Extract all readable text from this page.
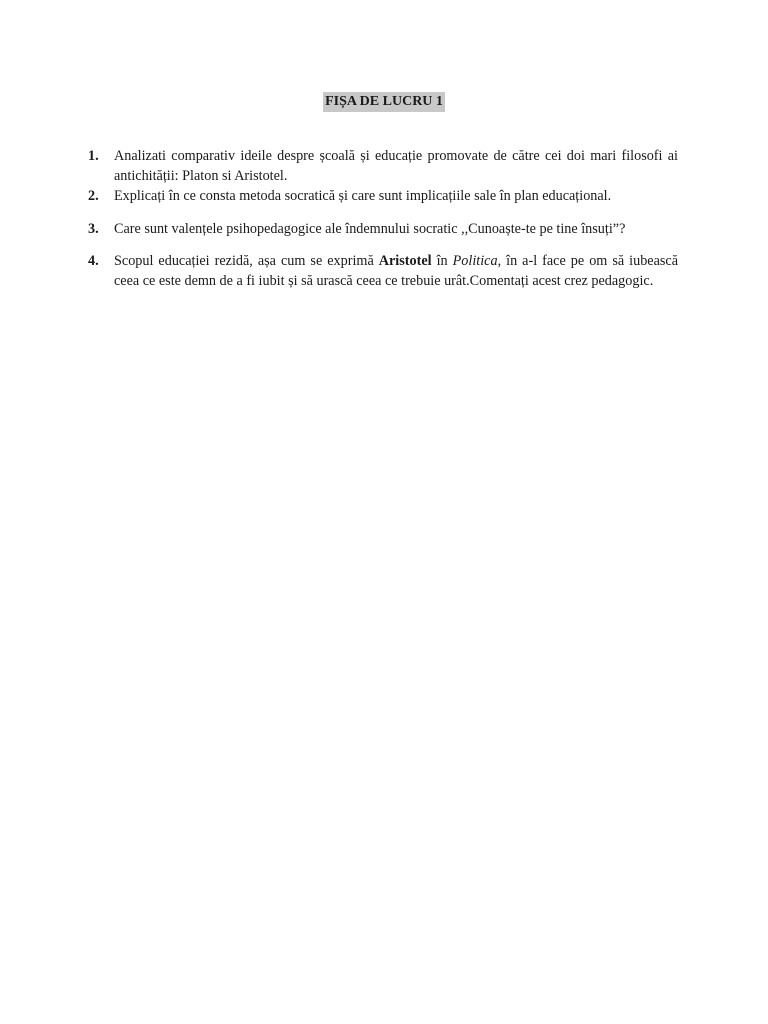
FIȘA DE LUCRU 1
1. Analizati comparativ ideile despre școală și educație promovate de către cei doi mari filosofi ai antichității: Platon si Aristotel.
2. Explicați în ce consta metoda socratică și care sunt implicațiile sale în plan educațional.
3. Care sunt valențele psihopedagogice ale îndemnului socratic ,,Cunoaște-te pe tine însuți”?
4. Scopul educației rezidă, așa cum se exprimă Aristotel în Politica, în a-l face pe om să iubească ceea ce este demn de a fi iubit și să urască ceea ce trebuie urât.Comentați acest crez pedagogic.
